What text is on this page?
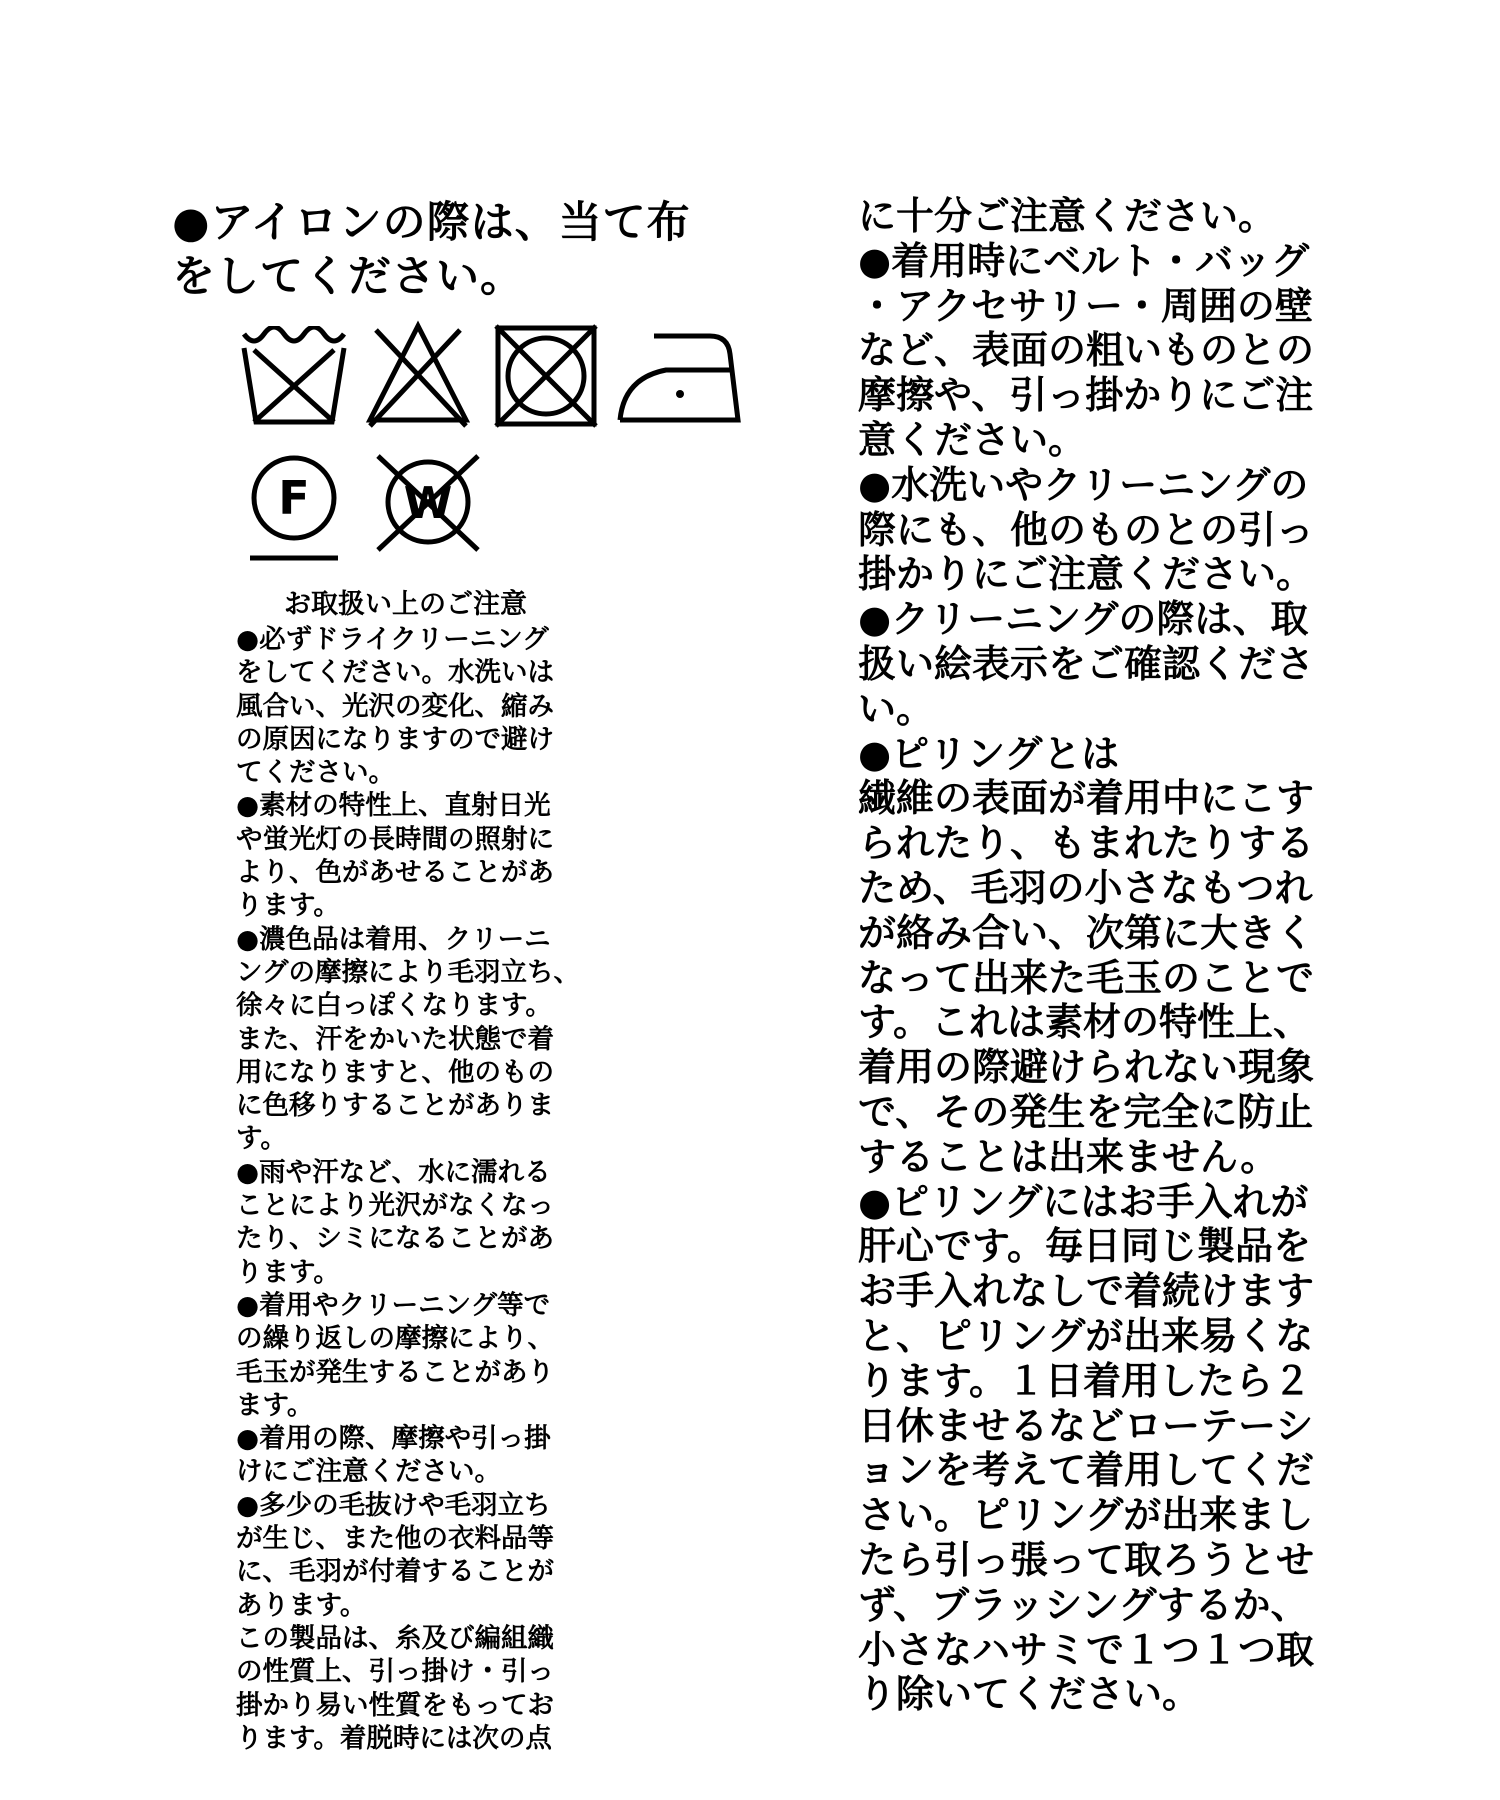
●アイロンの際は、当て布
をしてください。
F W
お取扱い上のご注意
●必ずドライクリーニング
をしてください。水洗いは
風合い、光沢の変化、縮み
の原因になりますので避け
てください。
●素材の特性上、直射日光
や蛍光灯の長時間の照射に
より、色があせることがあ
ります。
●濃色品は着用、クリーニ
ングの摩擦により毛羽立ち、
徐々に白っぽくなります。
また、汗をかいた状態で着
用になりますと、他のもの
に色移りすることがありま
す。
●雨や汗など、水に濡れる
ことにより光沢がなくなっ
たり、シミになることがあ
ります。
●着用やクリーニング等で
の繰り返しの摩擦により、
毛玉が発生することがあり
ます。
●着用の際、摩擦や引っ掛
けにご注意ください。
●多少の毛抜けや毛羽立ち
が生じ、また他の衣料品等
に、毛羽が付着することが
あります。
この製品は、糸及び編組織
の性質上、引っ掛け・引っ
掛かり易い性質をもってお
ります。着脱時には次の点
に十分ご注意ください。
●着用時にベルト・バッグ
・アクセサリー・周囲の壁
など、表面の粗いものとの
摩擦や、引っ掛かりにご注
意ください。
●水洗いやクリーニングの
際にも、他のものとの引っ
掛かりにご注意ください。
●クリーニングの際は、取
扱い絵表示をご確認くださ
い。
●ピリングとは
繊維の表面が着用中にこす
られたり、もまれたりする
ため、毛羽の小さなもつれ
が絡み合い、次第に大きく
なって出来た毛玉のことで
す。これは素材の特性上、
着用の際避けられない現象
で、その発生を完全に防止
することは出来ません。
●ピリングにはお手入れが
肝心です。毎日同じ製品を
お手入れなしで着続けます
と、ピリングが出来易くな
ります。１日着用したら２
日休ませるなどローテーシ
ョンを考えて着用してくだ
さい。ピリングが出来まし
たら引っ張って取ろうとせ
ず、ブラッシングするか、
小さなハサミで１つ１つ取
り除いてください。
